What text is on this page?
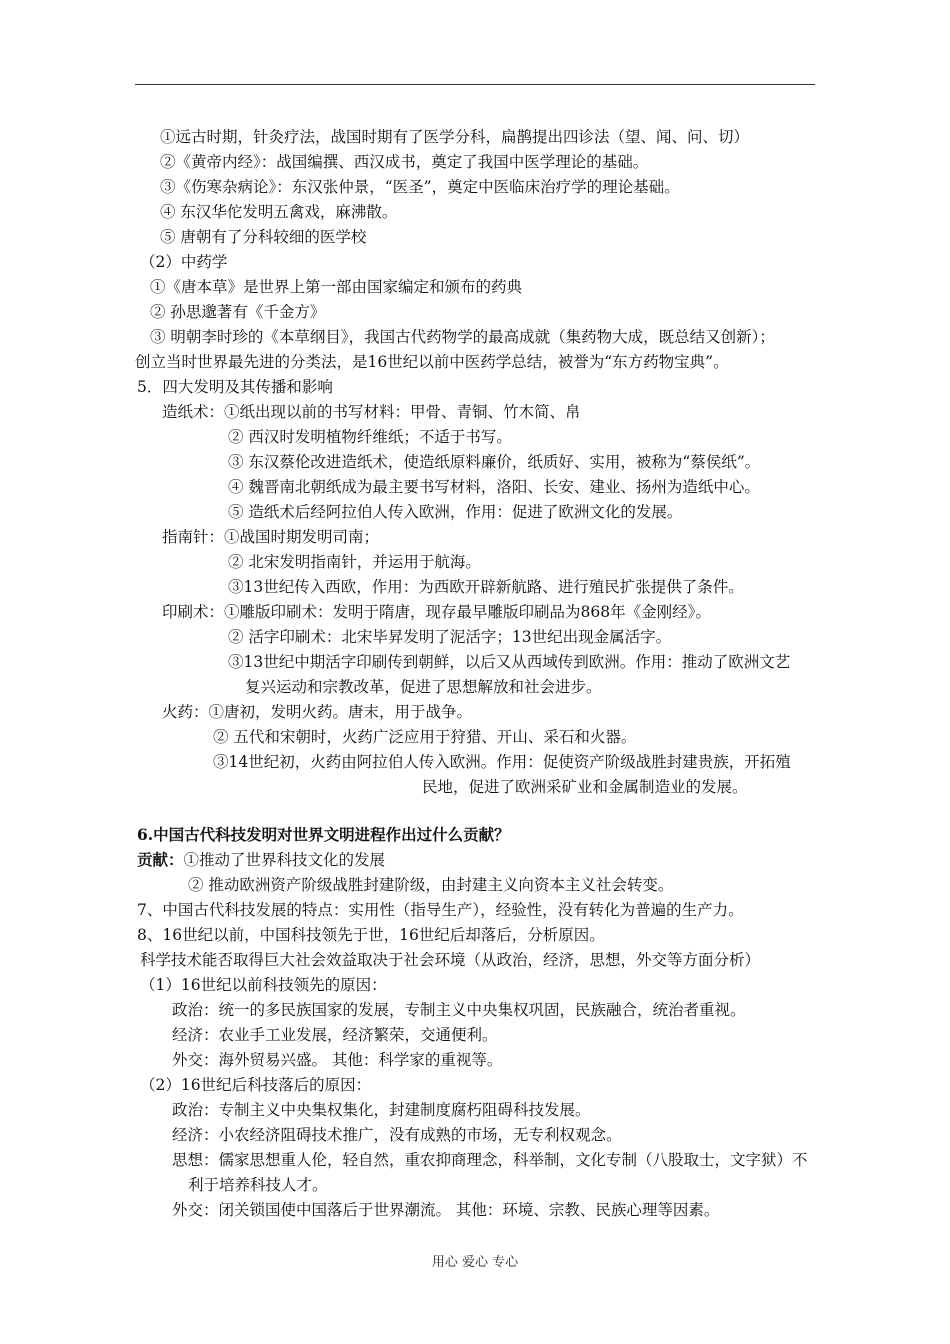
①远古时期，针灸疗法，战国时期有了医学分科，扁鹊提出四诊法（望、闻、问、切）
②《黄帝内经》：战国编撰、西汉成书，奠定了我国中医学理论的基础。
③《伤寒杂病论》：东汉张仲景，“医圣”，奠定中医临床治疗学的理论基础。
④ 东汉华佗发明五禽戏，麻沸散。
⑤ 唐朝有了分科较细的医学校
（2）中药学
①《唐本草》是世界上第一部由国家编定和颁布的药典
② 孙思邈著有《千金方》
③ 明朝李时珍的《本草纲目》，我国古代药物学的最高成就（集药物大成，既总结又创新）；
创立当时世界最先进的分类法，是16世纪以前中医药学总结，被誉为“东方药物宝典”。
5．四大发明及其传播和影响
造纸术：①纸出现以前的书写材料：甲骨、青铜、竹木简、帛
② 西汉时发明植物纤维纸；不适于书写。
③ 东汉蔡伦改进造纸术，使造纸原料廉价，纸质好、实用，被称为“蔡侯纸”。
④ 魏晋南北朝纸成为最主要书写材料，洛阳、长安、建业、扬州为造纸中心。
⑤ 造纸术后经阿拉伯人传入欧洲，作用：促进了欧洲文化的发展。
指南针：①战国时期发明司南；
② 北宋发明指南针，并运用于航海。
③13世纪传入西欧，作用：为西欧开辟新航路、进行殖民扩张提供了条件。
印刷术：①雕版印刷术：发明于隋唐，现存最早雕版印刷品为868年《金刚经》。
② 活字印刷术：北宋毕昇发明了泥活字；13世纪出现金属活字。
③13世纪中期活字印刷传到朝鲜，以后又从西域传到欧洲。作用：推动了欧洲文艺
复兴运动和宗教改革，促进了思想解放和社会进步。
火药：①唐初，发明火药。唐末，用于战争。
② 五代和宋朝时，火药广泛应用于狩猎、开山、采石和火器。
③14世纪初，火药由阿拉伯人传入欧洲。作用：促使资产阶级战胜封建贵族，开拓殖
民地，促进了欧洲采矿业和金属制造业的发展。
6.中国古代科技发明对世界文明进程作出过什么贡献？
贡献：①推动了世界科技文化的发展
② 推动欧洲资产阶级战胜封建阶级，由封建主义向资本主义社会转变。
7、中国古代科技发展的特点：实用性（指导生产），经验性，没有转化为普遍的生产力。
8、16世纪以前，中国科技领先于世，16世纪后却落后，分析原因。
科学技术能否取得巨大社会效益取决于社会环境（从政治，经济，思想，外交等方面分析）
（1）16世纪以前科技领先的原因：
政治：统一的多民族国家的发展，专制主义中央集权巩固，民族融合，统治者重视。
经济：农业手工业发展，经济繁荣，交通便利。
外交：海外贸易兴盛。 其他：科学家的重视等。
（2）16世纪后科技落后的原因：
政治：专制主义中央集权集化，封建制度腐朽阻碍科技发展。
经济：小农经济阻碍技术推广，没有成熟的市场，无专利权观念。
思想：儒家思想重人伦，轻自然，重农抑商理念，科举制，文化专制（八股取士，文字狱）不
利于培养科技人才。
外交：闭关锁国使中国落后于世界潮流。 其他：环境、宗教、民族心理等因素。
用心 爱心 专心
